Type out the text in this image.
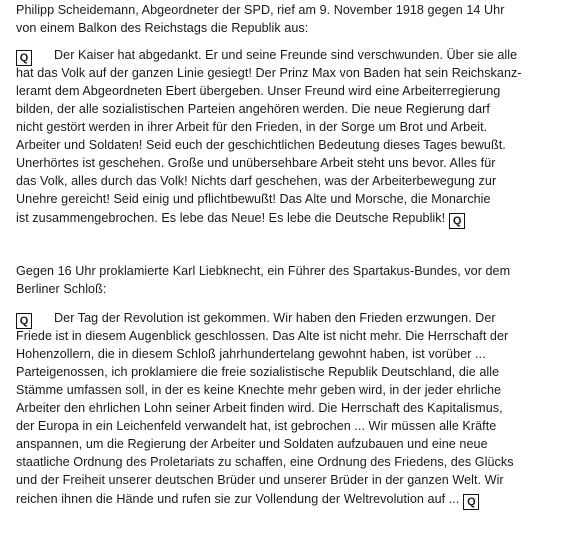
Philipp Scheidemann, Abgeordneter der SPD, rief am 9. November 1918 gegen 14 Uhr
von einem Balkon des Reichstags die Republik aus:
Q Der Kaiser hat abgedankt. Er und seine Freunde sind verschwunden. Über sie alle
hat das Volk auf der ganzen Linie gesiegt! Der Prinz Max von Baden hat sein Reichskanz-
leramt dem Abgeordneten Ebert übergeben. Unser Freund wird eine Arbeiterregierung
bilden, der alle sozialistischen Parteien angehören werden. Die neue Regierung darf
nicht gestört werden in ihrer Arbeit für den Frieden, in der Sorge um Brot und Arbeit.
Arbeiter und Soldaten! Seid euch der geschichtlichen Bedeutung dieses Tages bewußt.
Unerhörtes ist geschehen. Große und unübersehbare Arbeit steht uns bevor. Alles für
das Volk, alles durch das Volk! Nichts darf geschehen, was der Arbeiterbewegung zur
Unehre gereicht! Seid einig und pflichtbewußt! Das Alte und Morsche, die Monarchie
ist zusammengebrochen. Es lebe das Neue! Es lebe die Deutsche Republik! Q
Gegen 16 Uhr proklamierte Karl Liebknecht, ein Führer des Spartakus-Bundes, vor dem
Berliner Schloß:
Q Der Tag der Revolution ist gekommen. Wir haben den Frieden erzwungen. Der
Friede ist in diesem Augenblick geschlossen. Das Alte ist nicht mehr. Die Herrschaft der
Hohenzollern, die in diesem Schloß jahrhundertelang gewohnt haben, ist vorüber ...
Parteigenossen, ich proklamiere die freie sozialistische Republik Deutschland, die alle
Stämme umfassen soll, in der es keine Knechte mehr geben wird, in der jeder ehrliche
Arbeiter den ehrlichen Lohn seiner Arbeit finden wird. Die Herrschaft des Kapitalismus,
der Europa in ein Leichenfeld verwandelt hat, ist gebrochen ... Wir müssen alle Kräfte
anspannen, um die Regierung der Arbeiter und Soldaten aufzubauen und eine neue
staatliche Ordnung des Proletariats zu schaffen, eine Ordnung des Friedens, des Glücks
und der Freiheit unserer deutschen Brüder und unserer Brüder in der ganzen Welt. Wir
reichen ihnen die Hände und rufen sie zur Vollendung der Weltrevolution auf ... Q
